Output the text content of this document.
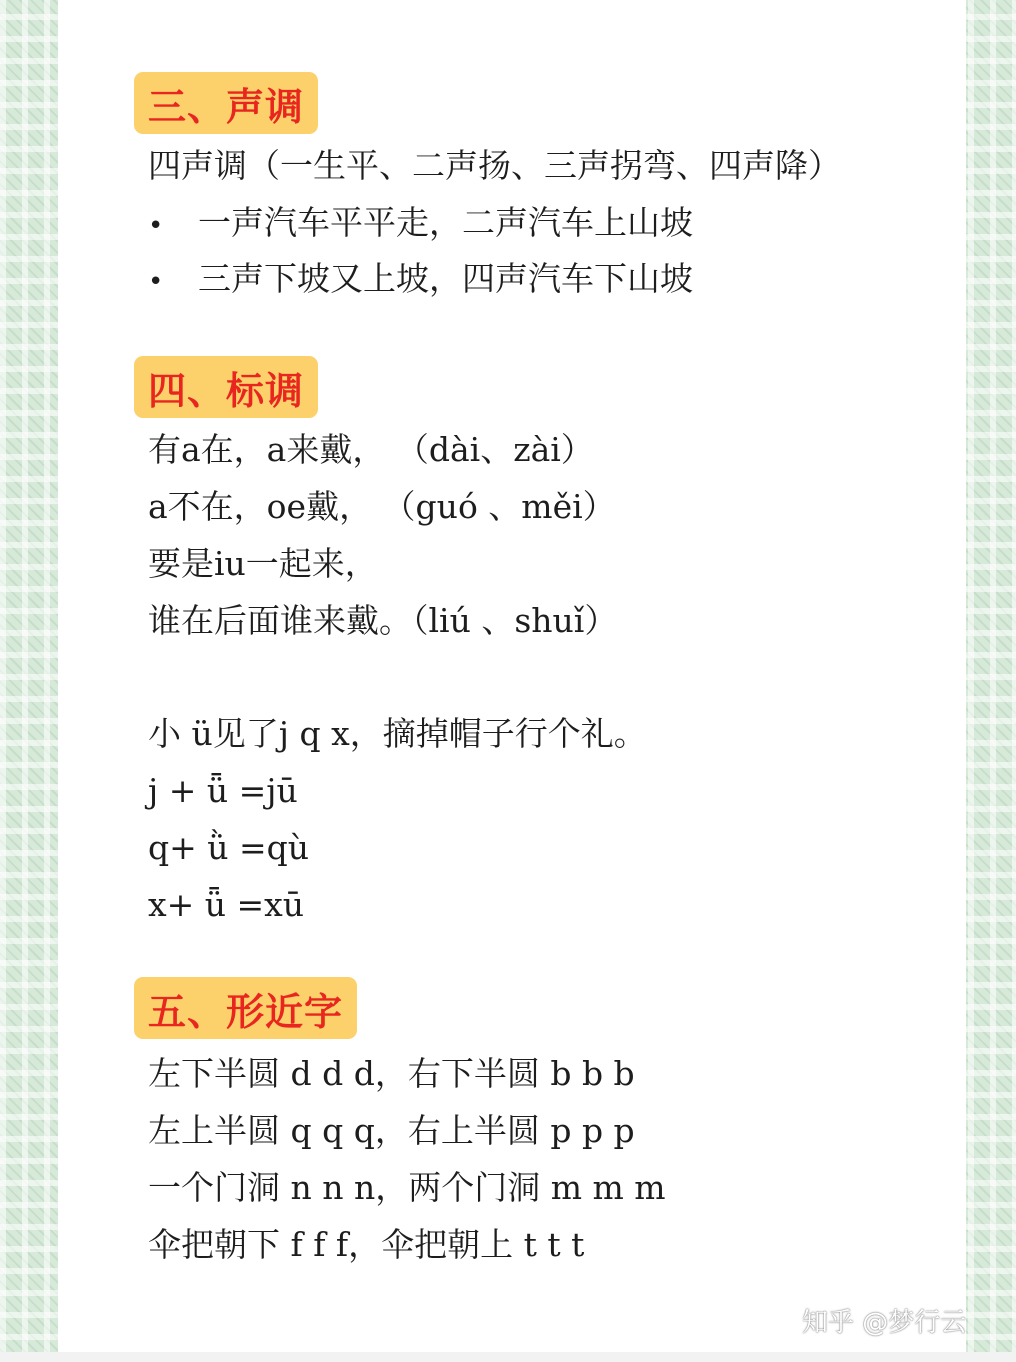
三、声调
四声调（一生平、二声扬、三声拐弯、四声降）
• 一声汽车平平走，二声汽车上山坡
• 三声下坡又上坡，四声汽车下山坡
四、标调
有a在，a来戴， （dài、zài）
a不在，oe戴， （guó 、měi）
要是iu一起来，
谁在后面谁来戴。（liú 、shuǐ）
小 ü见了j q x，摘掉帽子行个礼。
j + ǖ =jū
q+ ǜ =qù
x+ ǖ =xū
五、形近字
左下半圆 d d d，右下半圆 b b b
左上半圆 q q q，右上半圆 p p p
一个门洞 n n n，两个门洞 m m m
伞把朝下 f f f，伞把朝上 t t t
知乎 @梦行云
